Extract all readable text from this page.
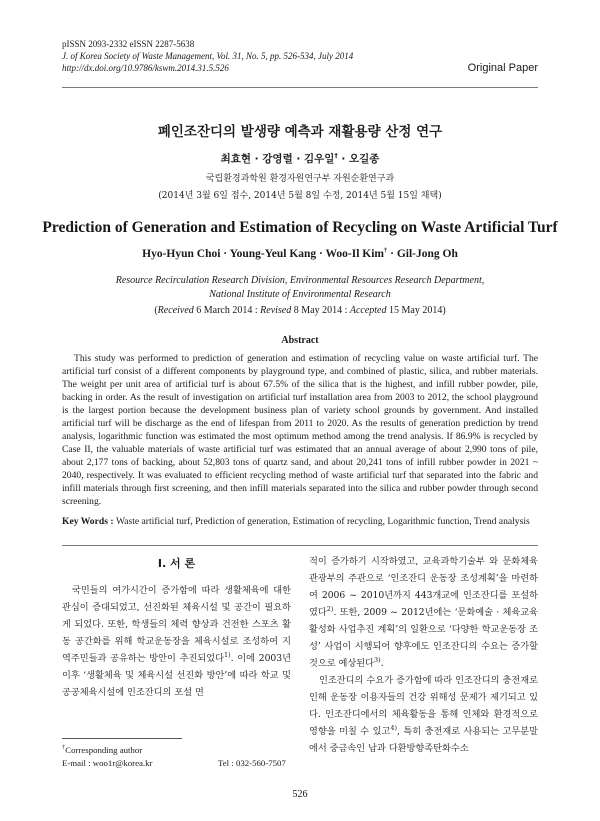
pISSN 2093-2332 eISSN 2287-5638
J. of Korea Society of Waste Management, Vol. 31, No. 5, pp. 526-534, July 2014
http://dx.doi.org/10.9786/kswm.2014.31.5.526	Original Paper
폐인조잔디의 발생량 예측과 재활용량 산정 연구
최효현 · 강영렬 · 김우일† · 오길종
국립환경과학원 환경자원연구부 자원순환연구과
(2014년 3월 6일 접수, 2014년 5월 8일 수정, 2014년 5월 15일 채택)
Prediction of Generation and Estimation of Recycling on Waste Artificial Turf
Hyo-Hyun Choi · Young-Yeul Kang · Woo-Il Kim† · Gil-Jong Oh
Resource Recirculation Research Division, Environmental Resources Research Department,
National Institute of Environmental Research
(Received 6 March 2014 : Revised 8 May 2014 : Accepted 15 May 2014)
Abstract

This study was performed to prediction of generation and estimation of recycling value on waste artificial turf. The artificial turf consist of a different components by playground type, and combined of plastic, silica, and rubber materials. The weight per unit area of artificial turf is about 67.5% of the silica that is the highest, and infill rubber powder, pile, backing in order. As the result of investigation on artificial turf installation area from 2003 to 2012, the school playground is the largest portion because the development business plan of variety school grounds by government. And installed artificial turf will be discharge as the end of lifespan from 2011 to 2020. As the results of generation prediction by trend analysis, logarithmic function was estimated the most optimum method among the trend analysis. If 86.9% is recycled by Case II, the valuable materials of waste artificial turf was estimated that an annual average of about 2,990 tons of pile, about 2,177 tons of backing, about 52,803 tons of quartz sand, and about 20,241 tons of infill rubber powder in 2021 ~ 2040, respectively. It was evaluated to efficient recycling method of waste artificial turf that separated into the fabric and infill materials through first screening, and then infill materials separated into the silica and rubber powder through second screening.

Key Words : Waste artificial turf, Prediction of generation, Estimation of recycling, Logarithmic function, Trend analysis

I. 서 론

국민들의 여가시간이 증가함에 따라 생활체육에 대한 관심이 증대되었고, 선진화된 체육시설 및 공간이 필요하게 되었다. 또한, 학생들의 체력 향상과 건전한 스포츠 활동 공간화를 위해 학교운동장을 체육시설로 조성하여 지역주민들과 공유하는 방안이 추진되었다$^{1)}$. 이에 2003년 이후 ‘생활체육 및 체육시설 선진화 방안’에 따라 학교 및 공공체육시설에 인조잔디의 포설 면

적이 증가하기 시작하였고, 교육과학기술부 와 문화체육관광부의 주관으로 ‘인조잔디 운동장 조성계획’을 마련하여 2006 ~ 2010년까지 443개교에 인조잔디를 포설하였다$^{2)}$. 또한, 2009 ~ 2012년에는 ‘문화예술 · 체육교육 활성화 사업추진 계획’의 일환으로 ‘다양한 학교운동장 조성’ 사업이 시행되어 향후에도 인조잔디의 수요는 증가할 것으로 예상된다$^{3)}$.

인조잔디의 수요가 증가함에 따라 인조잔디의 충전재로 인해 운동장 이용자들의 건강 위해성 문제가 제기되고 있다. 인조잔디에서의 체육활동을 통해 인체와 환경적으로 영향을 미칠 수 있고$^{4)}$, 특히 충전재로 사용되는 고무분말에서 중금속인 납과 다환방향족탄화수소

†Corresponding author
E-mail : woo1r@korea.kr	Tel : 032-560-7507
526
